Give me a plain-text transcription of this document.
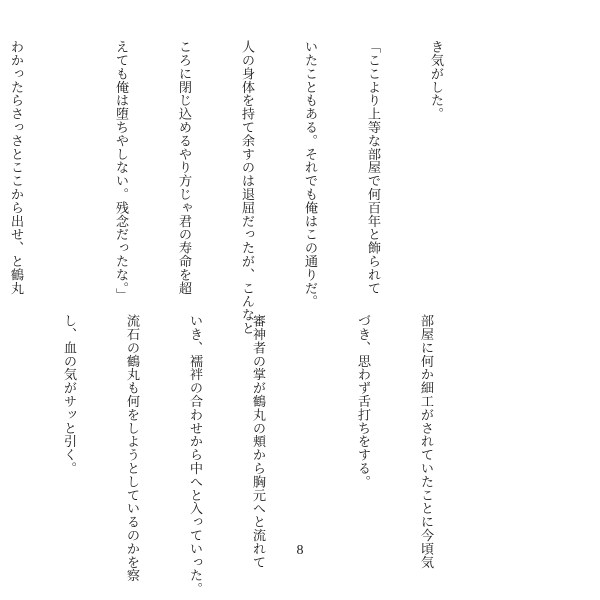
き気がした。

「ここより上等な部屋で何百年と飾られて

いたこともある。それでも俺はこの通りだ。

人の身体を持て余すのは退屈だったが、こんなと

ころに閉じ込めるやり方じゃ君の寿命を超

えても俺は堕ちやしない。残念だったな。」

わかったらさっさとここから出せ、と鶴丸

部屋に何か細工がされていたことに今頃気

づき、思わず舌打ちをする。

審神者の掌が鶴丸の頬から胸元へと流れて

いき、襦袢の合わせから中へと入っていった。

流石の鶴丸も何をしようとしているのかを察

し、血の気がサッと引く。

8
